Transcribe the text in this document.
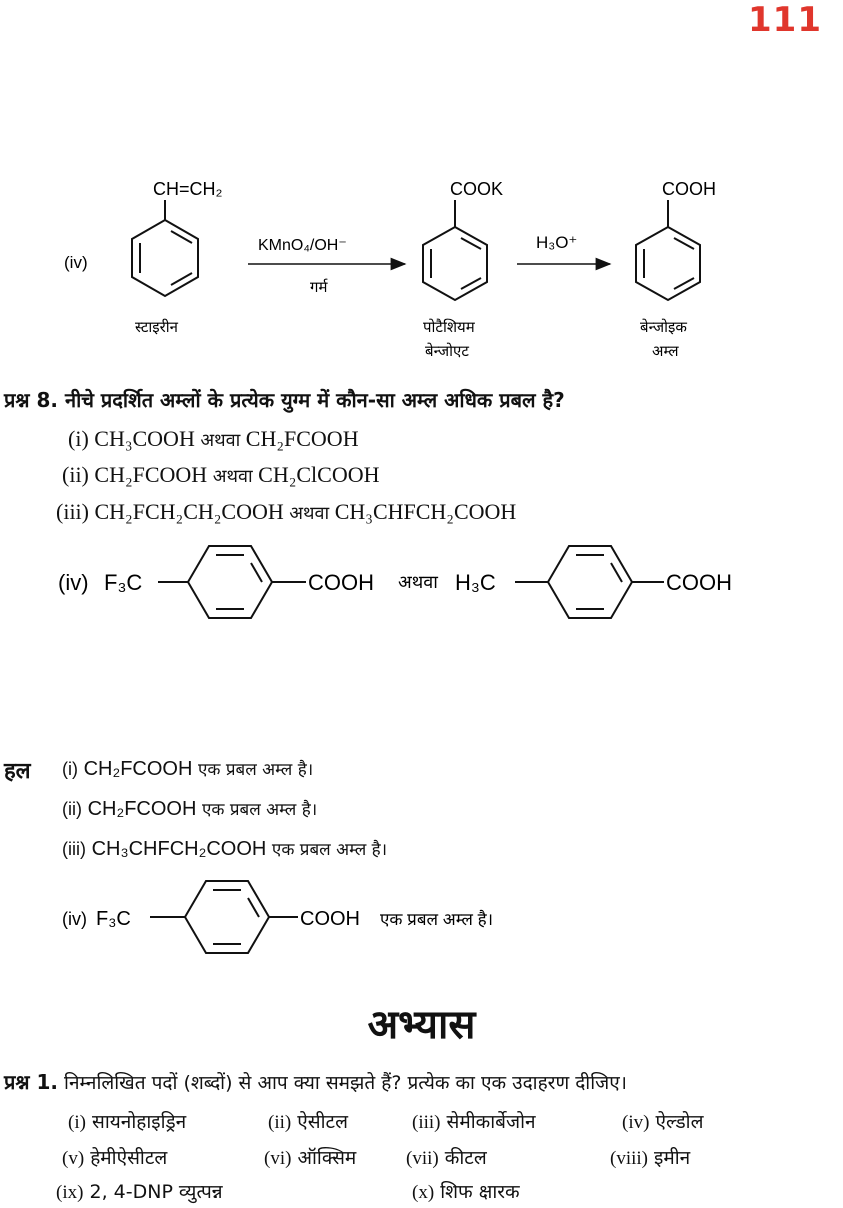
111
(iv)
CH=CH₂
KMnO₄/OH⁻
गर्म
COOK
H₃O⁺
COOH
स्टाइरीन	पोटैशियम
बेन्जोएट
बेन्जोइक
अम्ल
प्रश्न 8. नीचे प्रदर्शित अम्लों के प्रत्येक युग्म में कौन-सा अम्ल अधिक प्रबल है?
(i) CH₃COOH अथवा CH₂FCOOH
(ii) CH₂FCOOH अथवा CH₂ClCOOH
(iii) CH₂FCH₂CH₂COOH अथवा CH₃CHFCH₂COOH
(iv) F₃C	COOH अथवा H₃C	COOH
हल (i) CH₂FCOOH एक प्रबल अम्ल है।
(ii) CH₂FCOOH एक प्रबल अम्ल है।
(iii) CH₃CHFCH₂COOH एक प्रबल अम्ल है।
(iv) F₃C	COOH एक प्रबल अम्ल है।
अभ्यास
प्रश्न 1. निम्नलिखित पदों (शब्दों) से आप क्या समझते हैं? प्रत्येक का एक उदाहरण दीजिए।
(i) सायनोहाइड्रिन	(ii) ऐसीटल	(iii) सेमीकार्बेजोन	(iv) ऐल्डोल
(v) हेमीऐसीटल	(vi) ऑक्सिम	(vii) कीटल	(viii) इमीन
(ix) 2, 4-DNP व्युत्पन्न	(x) शिफ क्षारक
